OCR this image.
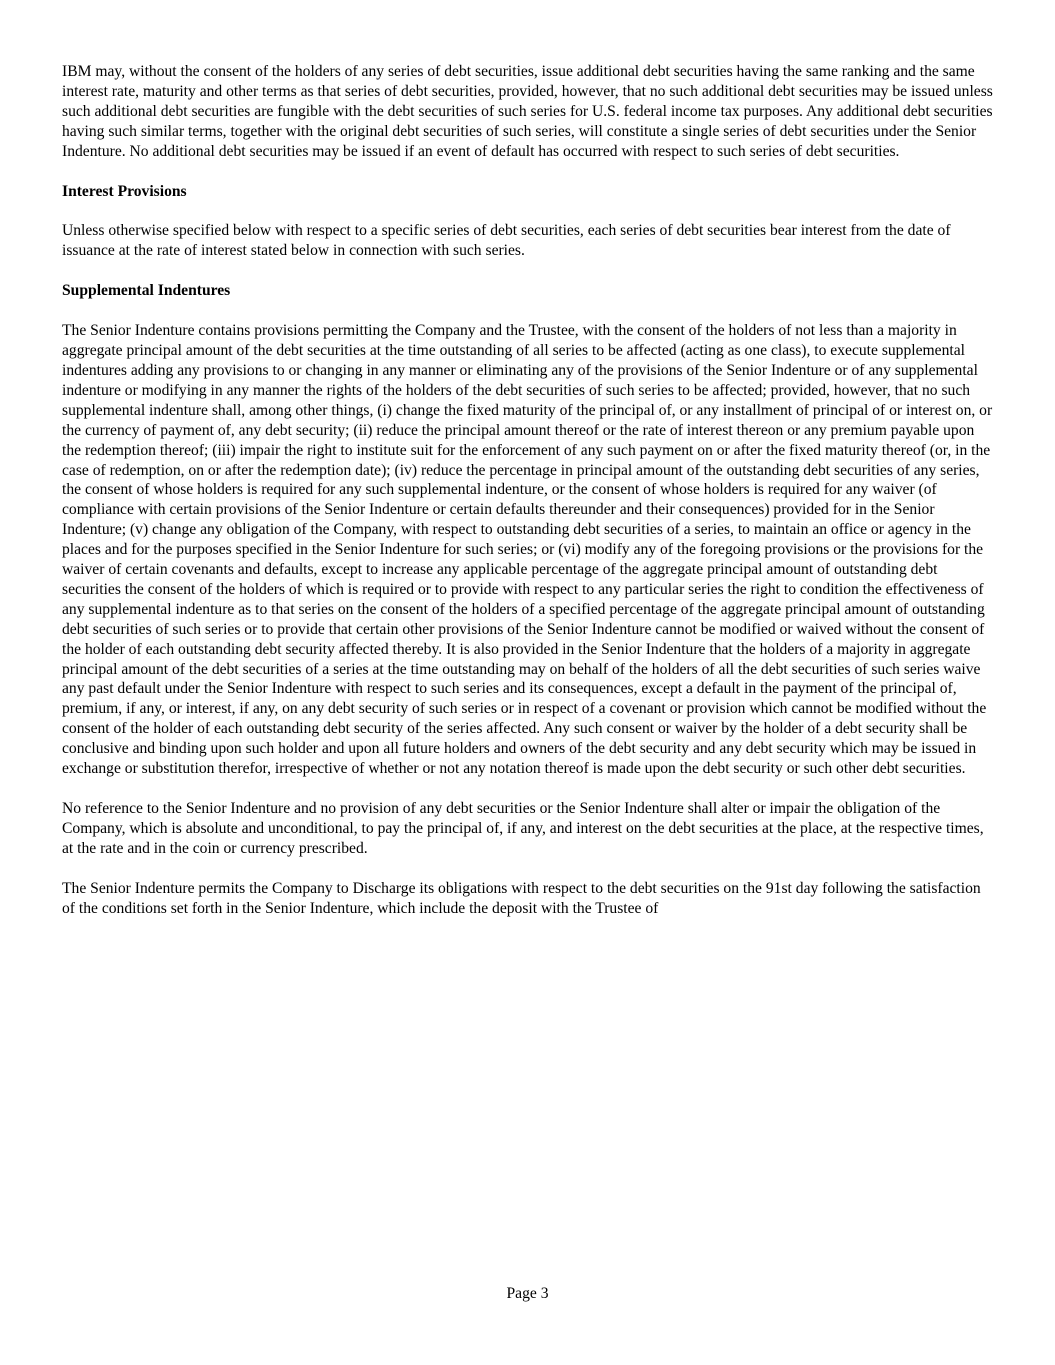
IBM may, without the consent of the holders of any series of debt securities, issue additional debt securities having the same ranking and the same interest rate, maturity and other terms as that series of debt securities, provided, however, that no such additional debt securities may be issued unless such additional debt securities are fungible with the debt securities of such series for U.S. federal income tax purposes. Any additional debt securities having such similar terms, together with the original debt securities of such series, will constitute a single series of debt securities under the Senior Indenture. No additional debt securities may be issued if an event of default has occurred with respect to such series of debt securities.

Interest Provisions

Unless otherwise specified below with respect to a specific series of debt securities, each series of debt securities bear interest from the date of issuance at the rate of interest stated below in connection with such series.

Supplemental Indentures

The Senior Indenture contains provisions permitting the Company and the Trustee, with the consent of the holders of not less than a majority in aggregate principal amount of the debt securities at the time outstanding of all series to be affected (acting as one class), to execute supplemental indentures adding any provisions to or changing in any manner or eliminating any of the provisions of the Senior Indenture or of any supplemental indenture or modifying in any manner the rights of the holders of the debt securities of such series to be affected; provided, however, that no such supplemental indenture shall, among other things, (i) change the fixed maturity of the principal of, or any installment of principal of or interest on, or the currency of payment of, any debt security; (ii) reduce the principal amount thereof or the rate of interest thereon or any premium payable upon the redemption thereof; (iii) impair the right to institute suit for the enforcement of any such payment on or after the fixed maturity thereof (or, in the case of redemption, on or after the redemption date); (iv) reduce the percentage in principal amount of the outstanding debt securities of any series, the consent of whose holders is required for any such supplemental indenture, or the consent of whose holders is required for any waiver (of compliance with certain provisions of the Senior Indenture or certain defaults thereunder and their consequences) provided for in the Senior Indenture; (v) change any obligation of the Company, with respect to outstanding debt securities of a series, to maintain an office or agency in the places and for the purposes specified in the Senior Indenture for such series; or (vi) modify any of the foregoing provisions or the provisions for the waiver of certain covenants and defaults, except to increase any applicable percentage of the aggregate principal amount of outstanding debt securities the consent of the holders of which is required or to provide with respect to any particular series the right to condition the effectiveness of any supplemental indenture as to that series on the consent of the holders of a specified percentage of the aggregate principal amount of outstanding debt securities of such series or to provide that certain other provisions of the Senior Indenture cannot be modified or waived without the consent of the holder of each outstanding debt security affected thereby. It is also provided in the Senior Indenture that the holders of a majority in aggregate principal amount of the debt securities of a series at the time outstanding may on behalf of the holders of all the debt securities of such series waive any past default under the Senior Indenture with respect to such series and its consequences, except a default in the payment of the principal of, premium, if any, or interest, if any, on any debt security of such series or in respect of a covenant or provision which cannot be modified without the consent of the holder of each outstanding debt security of the series affected. Any such consent or waiver by the holder of a debt security shall be conclusive and binding upon such holder and upon all future holders and owners of the debt security and any debt security which may be issued in exchange or substitution therefor, irrespective of whether or not any notation thereof is made upon the debt security or such other debt securities.

No reference to the Senior Indenture and no provision of any debt securities or the Senior Indenture shall alter or impair the obligation of the Company, which is absolute and unconditional, to pay the principal of, if any, and interest on the debt securities at the place, at the respective times, at the rate and in the coin or currency prescribed.

The Senior Indenture permits the Company to Discharge its obligations with respect to the debt securities on the 91st day following the satisfaction of the conditions set forth in the Senior Indenture, which include the deposit with the Trustee of

Page 3
